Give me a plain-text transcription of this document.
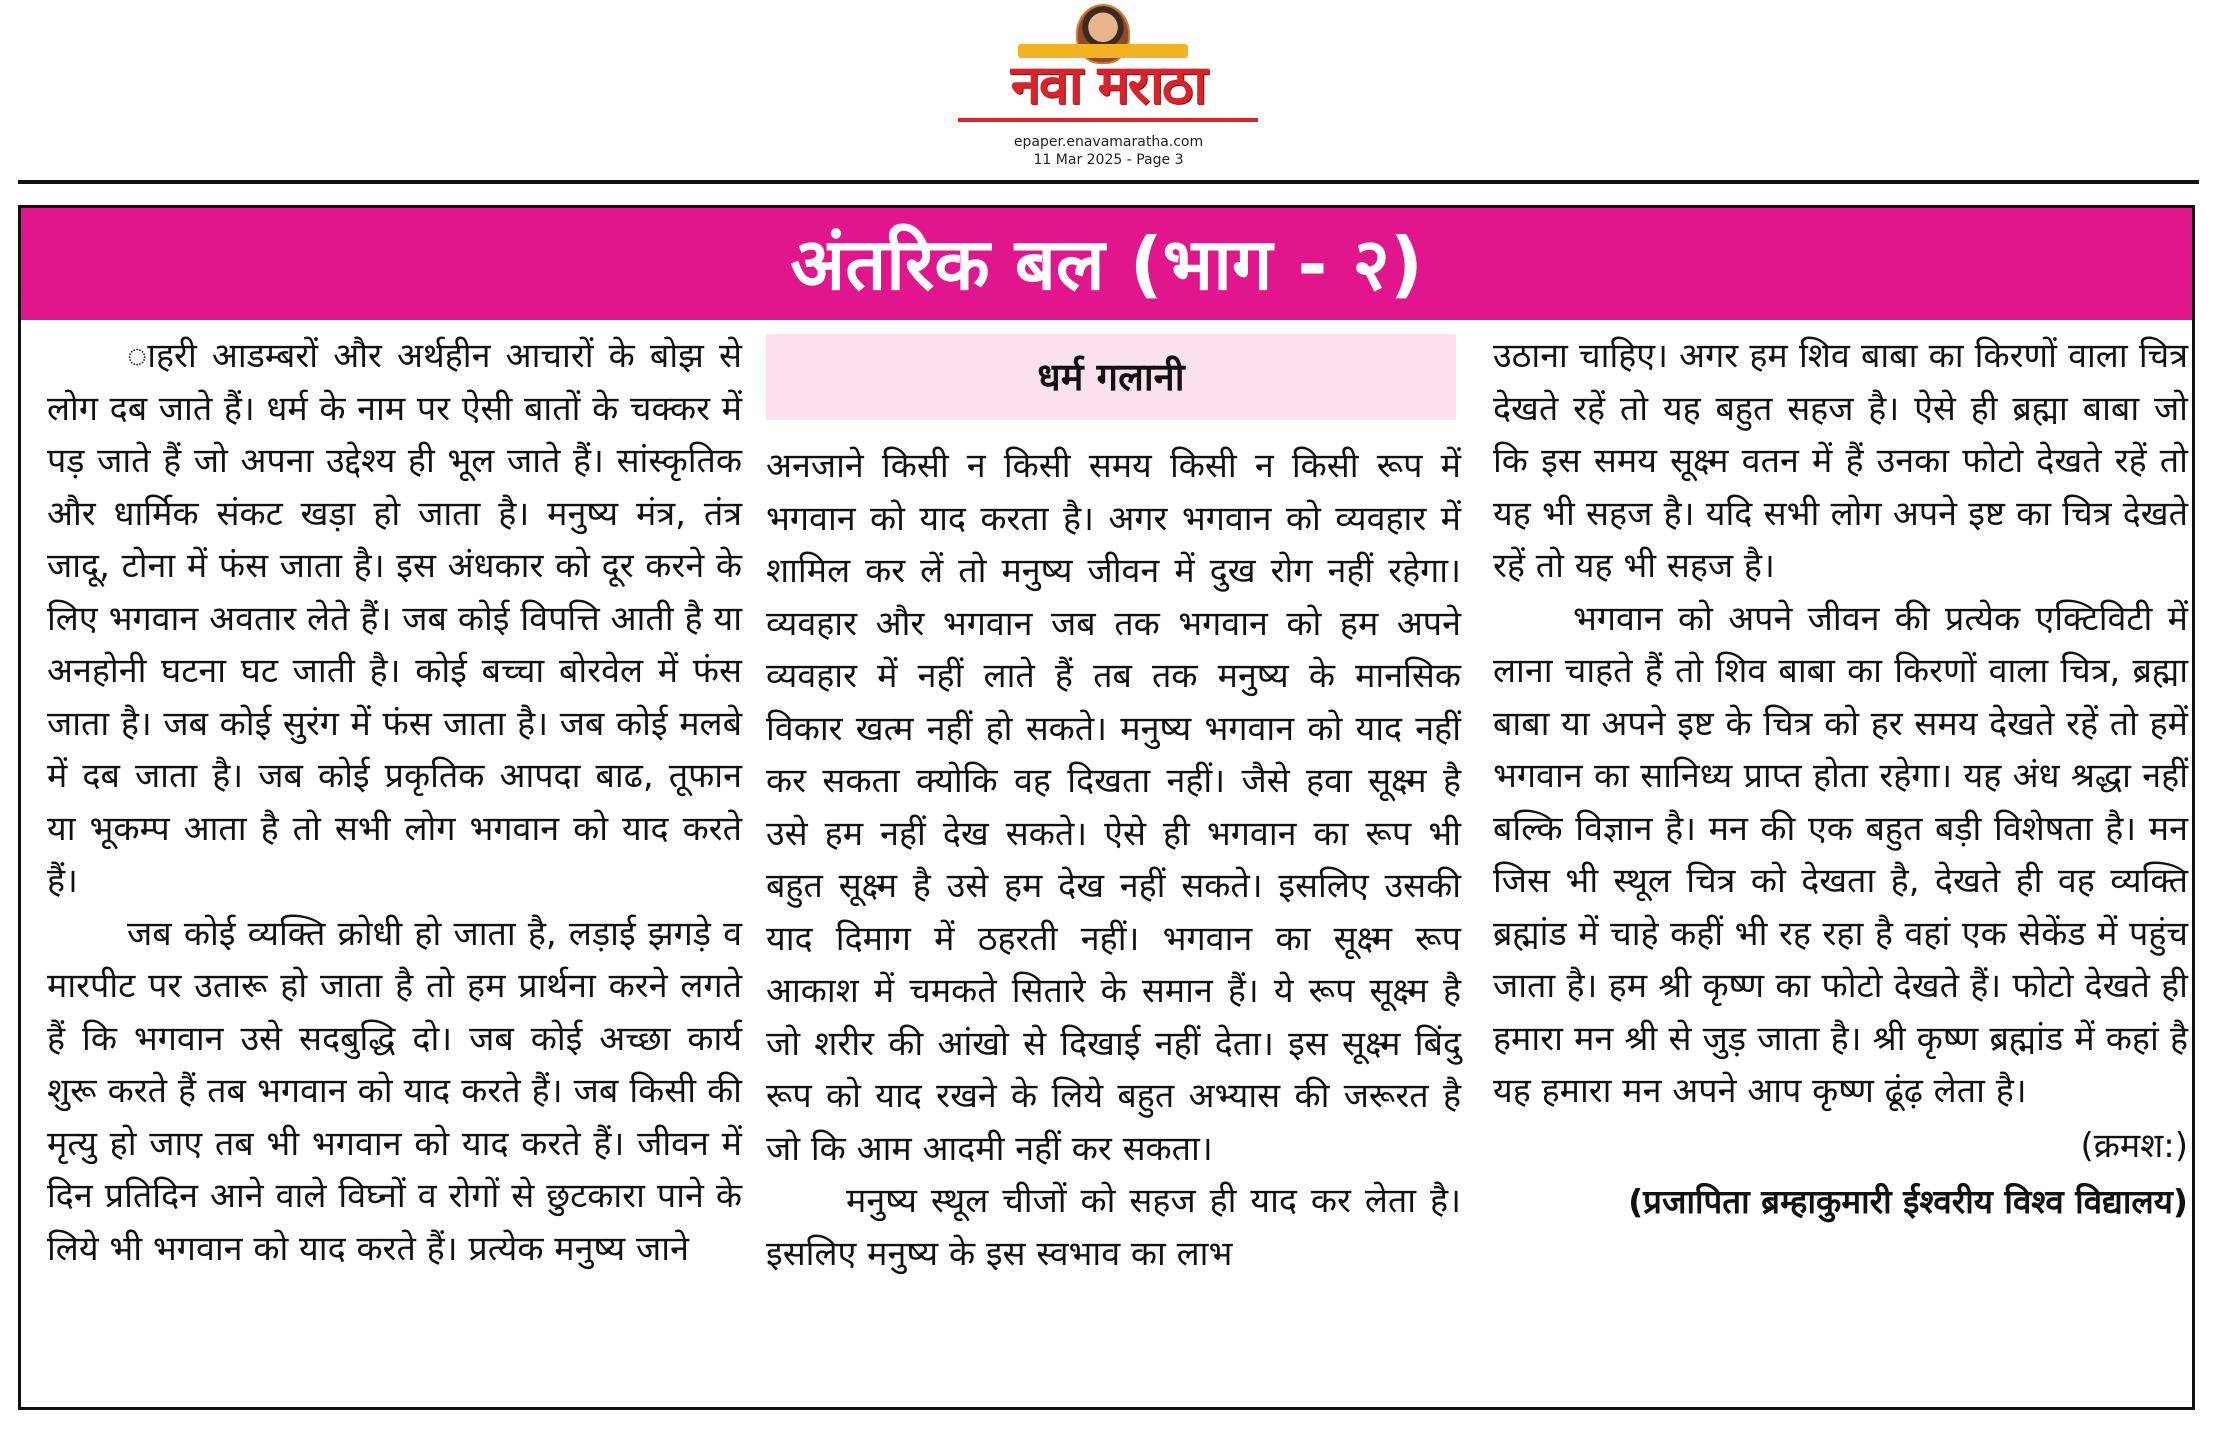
नवा मराठा
epaper.enavamaratha.com
11 Mar 2025 - Page 3
अंतरिक बल (भाग - २)

ाहरी आडम्बरों और अर्थहीन आचारों के बोझ से लोग दब जाते हैं। धर्म के नाम पर ऐसी बातों के चक्कर में पड़ जाते हैं जो अपना उद्देश्य ही भूल जाते हैं। सांस्कृतिक और धार्मिक संकट खड़ा हो जाता है। मनुष्य मंत्र, तंत्र जादू, टोना में फंस जाता है। इस अंधकार को दूर करने के लिए भगवान अवतार लेते हैं। जब कोई विपत्ति आती है या अनहोनी घटना घट जाती है। कोई बच्चा बोरवेल में फंस जाता है। जब कोई सुरंग में फंस जाता है। जब कोई मलबे में दब जाता है। जब कोई प्रकृतिक आपदा बाढ, तूफान या भूकम्प आता है तो सभी लोग भगवान को याद करते हैं।

जब कोई व्यक्ति क्रोधी हो जाता है, लड़ाई झगड़े व मारपीट पर उतारू हो जाता है तो हम प्रार्थना करने लगते हैं कि भगवान उसे सदबुद्धि दो। जब कोई अच्छा कार्य शुरू करते हैं तब भगवान को याद करते हैं। जब किसी की मृत्यु हो जाए तब भी भगवान को याद करते हैं। जीवन में दिन प्रतिदिन आने वाले विघ्नों व रोगों से छुटकारा पाने के लिये भी भगवान को याद करते हैं। प्रत्येक मनुष्य जाने

धर्म गलानी

अनजाने किसी न किसी समय किसी न किसी रूप में भगवान को याद करता है। अगर भगवान को व्यवहार में शामिल कर लें तो मनुष्य जीवन में दुख रोग नहीं रहेगा। व्यवहार और भगवान जब तक भगवान को हम अपने व्यवहार में नहीं लाते हैं तब तक मनुष्य के मानसिक विकार खत्म नहीं हो सकते। मनुष्य भगवान को याद नहीं कर सकता क्योकि वह दिखता नहीं। जैसे हवा सूक्ष्म है उसे हम नहीं देख सकते। ऐसे ही भगवान का रूप भी बहुत सूक्ष्म है उसे हम देख नहीं सकते। इसलिए उसकी याद दिमाग में ठहरती नहीं। भगवान का सूक्ष्म रूप आकाश में चमकते सितारे के समान हैं। ये रूप सूक्ष्म है जो शरीर की आंखो से दिखाई नहीं देता। इस सूक्ष्म बिंदु रूप को याद रखने के लिये बहुत अभ्यास की जरूरत है जो कि आम आदमी नहीं कर सकता।

मनुष्य स्थूल चीजों को सहज ही याद कर लेता है। इसलिए मनुष्य के इस स्वभाव का लाभ

उठाना चाहिए। अगर हम शिव बाबा का किरणों वाला चित्र देखते रहें तो यह बहुत सहज है। ऐसे ही ब्रह्मा बाबा जो कि इस समय सूक्ष्म वतन में हैं उनका फोटो देखते रहें तो यह भी सहज है। यदि सभी लोग अपने इष्ट का चित्र देखते रहें तो यह भी सहज है।

भगवान को अपने जीवन की प्रत्येक एक्टिविटी में लाना चाहते हैं तो शिव बाबा का किरणों वाला चित्र, ब्रह्मा बाबा या अपने इष्ट के चित्र को हर समय देखते रहें तो हमें भगवान का सानिध्य प्राप्त होता रहेगा। यह अंध श्रद्धा नहीं बल्कि विज्ञान है। मन की एक बहुत बड़ी विशेषता है। मन जिस भी स्थूल चित्र को देखता है, देखते ही वह व्यक्ति ब्रह्मांड में चाहे कहीं भी रह रहा है वहां एक सेकेंड में पहुंच जाता है। हम श्री कृष्ण का फोटो देखते हैं। फोटो देखते ही हमारा मन श्री से जुड़ जाता है। श्री कृष्ण ब्रह्मांड में कहां है यह हमारा मन अपने आप कृष्ण ढूंढ़ लेता है।

(क्रमश:)
(प्रजापिता ब्रम्हाकुमारी ईश्वरीय विश्व विद्यालय)
